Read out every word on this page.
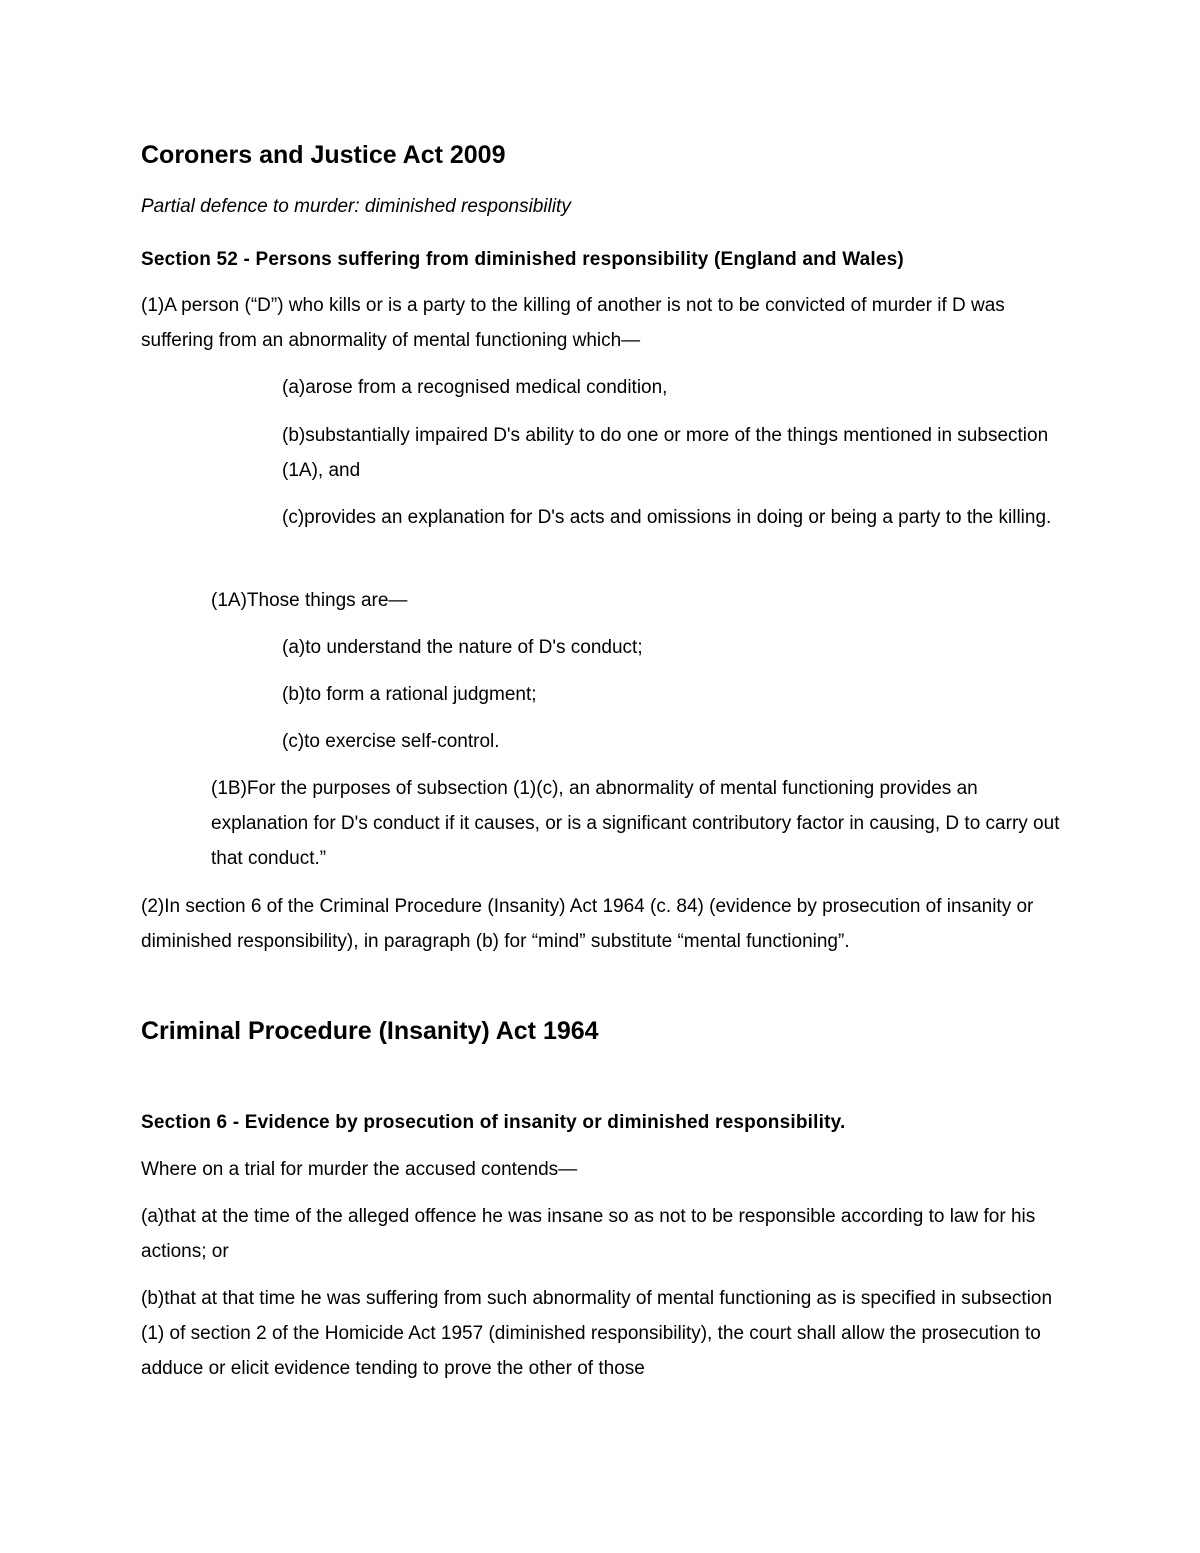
Coroners and Justice Act 2009

Partial defence to murder: diminished responsibility

Section 52 - Persons suffering from diminished responsibility (England and Wales)

(1)A person (“D”) who kills or is a party to the killing of another is not to be convicted of murder if D was suffering from an abnormality of mental functioning which—

(a)arose from a recognised medical condition,

(b)substantially impaired D's ability to do one or more of the things mentioned in subsection (1A), and

(c)provides an explanation for D's acts and omissions in doing or being a party to the killing.

(1A)Those things are—

(a)to understand the nature of D's conduct;

(b)to form a rational judgment;

(c)to exercise self-control.

(1B)For the purposes of subsection (1)(c), an abnormality of mental functioning provides an explanation for D's conduct if it causes, or is a significant contributory factor in causing, D to carry out that conduct.”

(2)In section 6 of the Criminal Procedure (Insanity) Act 1964 (c. 84) (evidence by prosecution of insanity or diminished responsibility), in paragraph (b) for “mind” substitute “mental functioning”.

Criminal Procedure (Insanity) Act 1964

Section 6 - Evidence by prosecution of insanity or diminished responsibility.

Where on a trial for murder the accused contends—

(a)that at the time of the alleged offence he was insane so as not to be responsible according to law for his actions; or

(b)that at that time he was suffering from such abnormality of mental functioning as is specified in subsection (1) of section 2 of the Homicide Act 1957 (diminished responsibility), the court shall allow the prosecution to adduce or elicit evidence tending to prove the other of those
